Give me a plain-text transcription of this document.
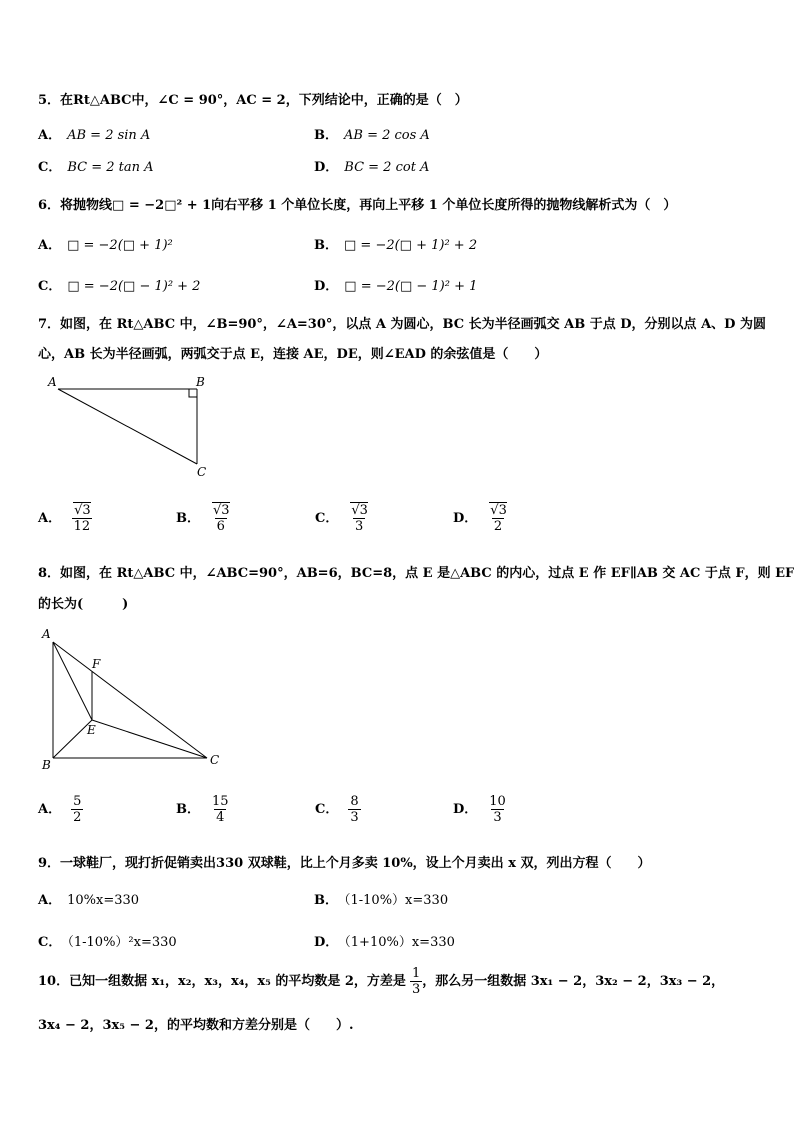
5．在Rt△ABC中，∠C = 90°，AC = 2，下列结论中，正确的是（　）
A． AB = 2 sin A	B． AB = 2 cos A
C． BC = 2 tan A	D． BC = 2 cot A
6．将抛物线□ = −2□² + 1向右平移 1 个单位长度，再向上平移 1 个单位长度所得的抛物线解析式为（　）
A． □ = −2(□ + 1)²	B． □ = −2(□ + 1)² + 2
C． □ = −2(□ − 1)² + 2	D． □ = −2(□ − 1)² + 1
7．如图，在 Rt△ABC 中，∠B=90°，∠A=30°，以点 A 为圆心，BC 长为半径画弧交 AB 于点 D，分别以点 A、D 为圆
心，AB 长为半径画弧，两弧交于点 E，连接 AE，DE，则∠EAD 的余弦值是（　　）
A	B
C
A． $\frac{√3}{12}$	B． $\frac{√3}{6}$	C． $\frac{√3}{3}$	D． $\frac{√3}{2}$
8．如图，在 Rt△ABC 中，∠ABC=90°，AB=6，BC=8，点 E 是△ABC 的内心，过点 E 作 EF∥AB 交 AC 于点 F，则 EF
的长为(　　　)
A
F
E
B	C
A． $\frac{5}{2}$	B． $\frac{15}{4}$	C． $\frac{8}{3}$	D． $\frac{10}{3}$
9．一球鞋厂，现打折促销卖出330 双球鞋，比上个月多卖 10%，设上个月卖出 x 双，列出方程（　　）
A． 10%x=330	B． （1-10%）x=330
C． （1-10%）²x=330	D． （1+10%）x=330
10．已知一组数据 x₁，x₂，x₃，x₄，x₅ 的平均数是 2，方差是 $\frac{1}{3}$ ，那么另一组数据 3x₁ − 2，3x₂ − 2，3x₃ − 2，
3x₄ − 2，3x₅ − 2，的平均数和方差分别是（　　）.
